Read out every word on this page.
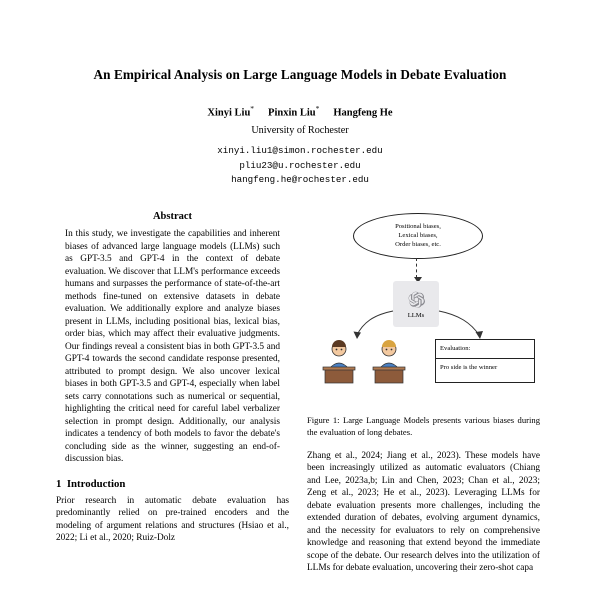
An Empirical Analysis on Large Language Models in Debate Evaluation
Xinyi Liu* Pinxin Liu* Hangfeng He
University of Rochester
xinyi.liu1@simon.rochester.edu
pliu23@u.rochester.edu
hangfeng.he@rochester.edu
Abstract

In this study, we investigate the capabilities and inherent biases of advanced large language models (LLMs) such as GPT-3.5 and GPT-4 in the context of debate evaluation. We discover that LLM's performance exceeds humans and surpasses the performance of state-of-the-art methods fine-tuned on extensive datasets in debate evaluation. We additionally explore and analyze biases present in LLMs, including positional bias, lexical bias, order bias, which may affect their evaluative judgments. Our findings reveal a consistent bias in both GPT-3.5 and GPT-4 towards the second candidate response presented, attributed to prompt design. We also uncover lexical biases in both GPT-3.5 and GPT-4, especially when label sets carry connotations such as numerical or sequential, highlighting the critical need for careful label verbalizer selection in prompt design. Additionally, our analysis indicates a tendency of both models to favor the debate's concluding side as the winner, suggesting an end-of-discussion bias.

1 Introduction

Prior research in automatic debate evaluation has predominantly relied on pre-trained encoders and the modeling of argument relations and structures (Hsiao et al., 2022; Li et al., 2020; Ruiz-Dolz

Positional biases,
Lexical biases,
Order biases, etc.
LLMs
Evaluation:
Pro side is the winner
Figure 1: Large Language Models presents various biases during the evaluation of long debates.

Zhang et al., 2024; Jiang et al., 2023). These models have been increasingly utilized as automatic evaluators (Chiang and Lee, 2023a,b; Lin and Chen, 2023; Chan et al., 2023; Zeng et al., 2023; He et al., 2023). Leveraging LLMs for debate evaluation presents more challenges, including the extended duration of debates, evolving argument dynamics, and the necessity for evaluators to rely on comprehensive knowledge and reasoning that extend beyond the immediate scope of the debate. Our research delves into the utilization of LLMs for debate evaluation, uncovering their zero-shot capa
